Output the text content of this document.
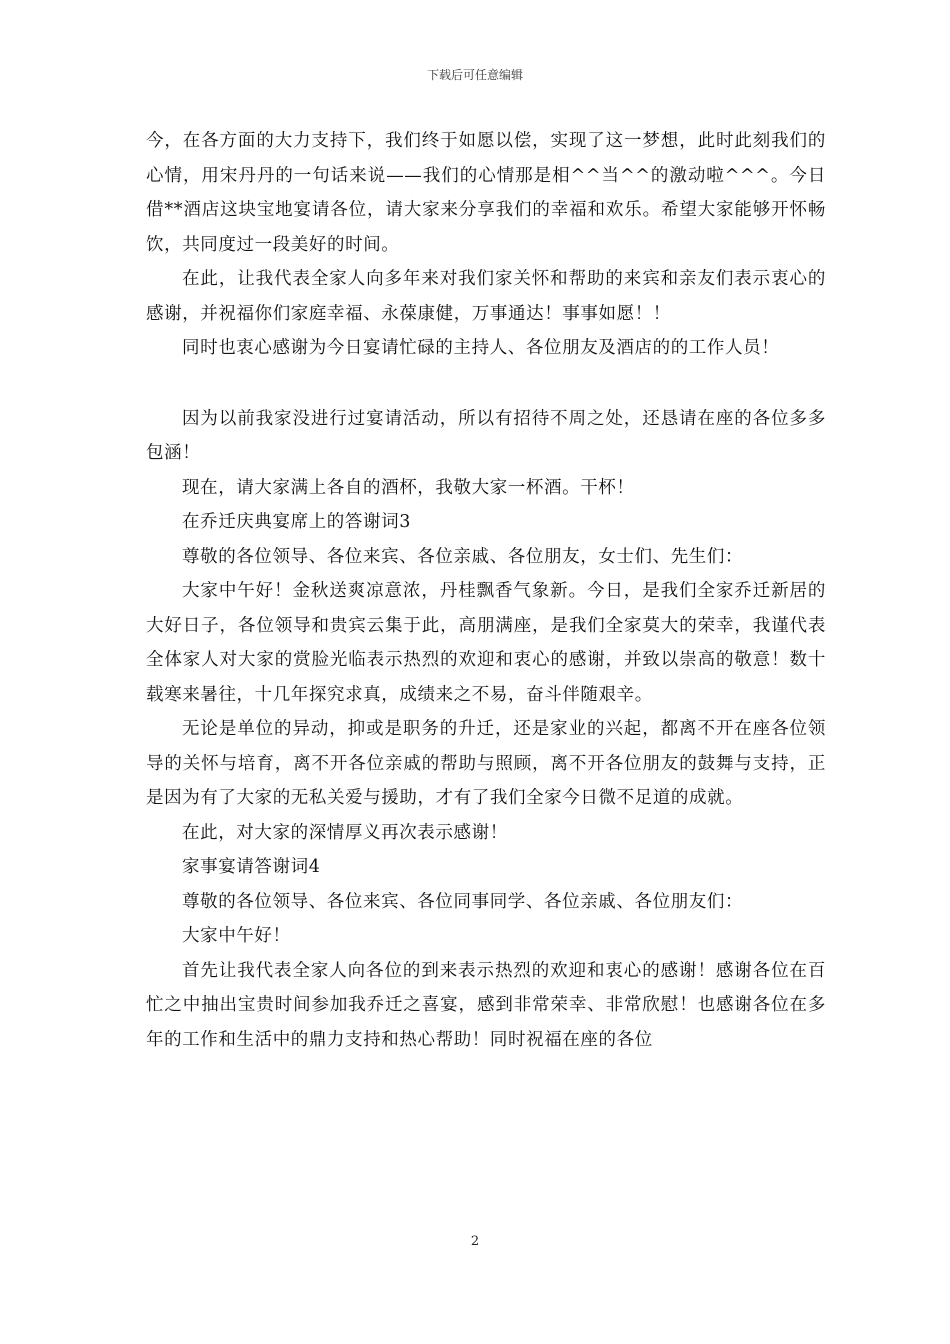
下载后可任意编辑

今，在各方面的大力支持下，我们终于如愿以偿，实现了这一梦想，此时此刻我们的心情，用宋丹丹的一句话来说——我们的心情那是相^^当^^的激动啦^^^。今日借**酒店这块宝地宴请各位，请大家来分享我们的幸福和欢乐。希望大家能够开怀畅饮，共同度过一段美好的时间。

在此，让我代表全家人向多年来对我们家关怀和帮助的来宾和亲友们表示衷心的感谢，并祝福你们家庭幸福、永葆康健，万事通达！事事如愿！！

同时也衷心感谢为今日宴请忙碌的主持人、各位朋友及酒店的的工作人员！

因为以前我家没进行过宴请活动，所以有招待不周之处，还恳请在座的各位多多包涵！

现在，请大家满上各自的酒杯，我敬大家一杯酒。干杯！

在乔迁庆典宴席上的答谢词3

尊敬的各位领导、各位来宾、各位亲戚、各位朋友，女士们、先生们：

大家中午好！金秋送爽凉意浓，丹桂飘香气象新。今日，是我们全家乔迁新居的大好日子，各位领导和贵宾云集于此，高朋满座，是我们全家莫大的荣幸，我谨代表全体家人对大家的赏脸光临表示热烈的欢迎和衷心的感谢，并致以崇高的敬意！数十载寒来暑往，十几年探究求真，成绩来之不易，奋斗伴随艰辛。

无论是单位的异动，抑或是职务的升迁，还是家业的兴起，都离不开在座各位领导的关怀与培育，离不开各位亲戚的帮助与照顾，离不开各位朋友的鼓舞与支持，正是因为有了大家的无私关爱与援助，才有了我们全家今日微不足道的成就。

在此，对大家的深情厚义再次表示感谢！

家事宴请答谢词4

尊敬的各位领导、各位来宾、各位同事同学、各位亲戚、各位朋友们：

大家中午好！

首先让我代表全家人向各位的到来表示热烈的欢迎和衷心的感谢！感谢各位在百忙之中抽出宝贵时间参加我乔迁之喜宴，感到非常荣幸、非常欣慰！也感谢各位在多年的工作和生活中的鼎力支持和热心帮助！同时祝福在座的各位

2
